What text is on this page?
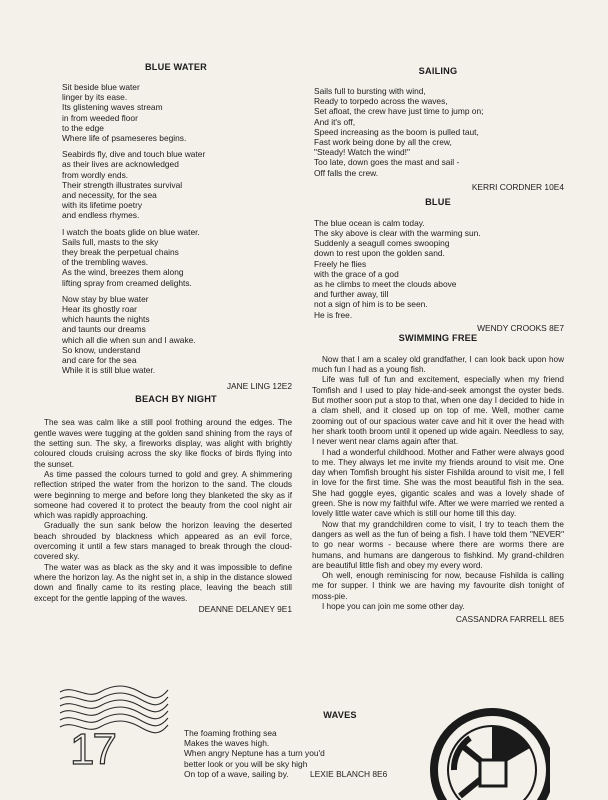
BLUE WATER
Sit beside blue water
linger by its ease.
Its glistening waves stream
in from weeded floor
to the edge
Where life of psameseres begins.
Seabirds fly, dive and touch blue water
as their lives are acknowledged
from wordly ends.
Their strength illustrates survival
and necessity, for the sea
with its lifetime poetry
and endless rhymes.
I watch the boats glide on blue water.
Sails full, masts to the sky
they break the perpetual chains
of the trembling waves.
As the wind, breezes them along
lifting spray from creamed delights.
Now stay by blue water
Hear its ghostly roar
which haunts the nights
and taunts our dreams
which all die when sun and I awake.
So know, understand
and care for the sea
While it is still blue water.
JANE LING 12E2
BEACH BY NIGHT

The sea was calm like a still pool frothing around the edges. The gentle waves were tugging at the golden sand shining from the rays of the setting sun. The sky, a fireworks display, was alight with brightly coloured clouds cruising across the sky like flocks of birds flying into the sunset.

As time passed the colours turned to gold and grey. A shimmering reflection striped the water from the horizon to the sand. The clouds were beginning to merge and before long they blanketed the sky as if someone had covered it to protect the beauty from the cool night air which was rapidly approaching.

Gradually the sun sank below the horizon leaving the deserted beach shrouded by blackness which appeared as an evil force, overcoming it until a few stars managed to break through the cloud-covered sky.

The water was as black as the sky and it was impossible to define where the horizon lay. As the night set in, a ship in the distance slowed down and finally came to its resting place, leaving the beach still except for the gentle lapping of the waves.

DEANNE DELANEY 9E1
SAILING
Sails full to bursting with wind,
Ready to torpedo across the waves,
Set afloat, the crew have just time to jump on;
And it's off,
Speed increasing as the boom is pulled taut,
Fast work being done by all the crew,
"Steady! Watch the wind!"
Too late, down goes the mast and sail -
Off falls the crew.
KERRI CORDNER 10E4
BLUE
The blue ocean is calm today.
The sky above is clear with the warming sun.
Suddenly a seagull comes swooping
down to rest upon the golden sand.
Freely he flies
with the grace of a god
as he climbs to meet the clouds above
and further away, till
not a sign of him is to be seen.
He is free.
WENDY CROOKS 8E7
SWIMMING FREE

Now that I am a scaley old grandfather, I can look back upon how much fun I had as a young fish.

Life was full of fun and excitement, especially when my friend Tomfish and I used to play hide-and-seek amongst the oyster beds. But mother soon put a stop to that, when one day I decided to hide in a clam shell, and it closed up on top of me. Well, mother came zooming out of our spacious water cave and hit it over the head with her shark tooth broom until it opened up wide again. Needless to say, I never went near clams again after that.

I had a wonderful childhood. Mother and Father were always good to me. They always let me invite my friends around to visit me. One day when Tomfish brought his sister Fishilda around to visit me, I fell in love for the first time. She was the most beautiful fish in the sea. She had goggle eyes, gigantic scales and was a lovely shade of green. She is now my faithful wife. After we were married we rented a lovely little water cave which is still our home till this day.

Now that my grandchildren come to visit, I try to teach them the dangers as well as the fun of being a fish. I have told them "NEVER" to go near worms - because where there are worms there are humans, and humans are dangerous to fishkind. My grand-children are beautiful little fish and obey my every word.

Oh well, enough reminiscing for now, because Fishilda is calling me for supper. I think we are having my favourite dish tonight of moss-pie.

I hope you can join me some other day.

CASSANDRA FARRELL 8E5
WAVES
The foaming frothing sea
Makes the waves high.
When angry Neptune has a turn you'd
better look or you will be sky high
On top of a wave, sailing by.	LEXIE BLANCH 8E6
17
